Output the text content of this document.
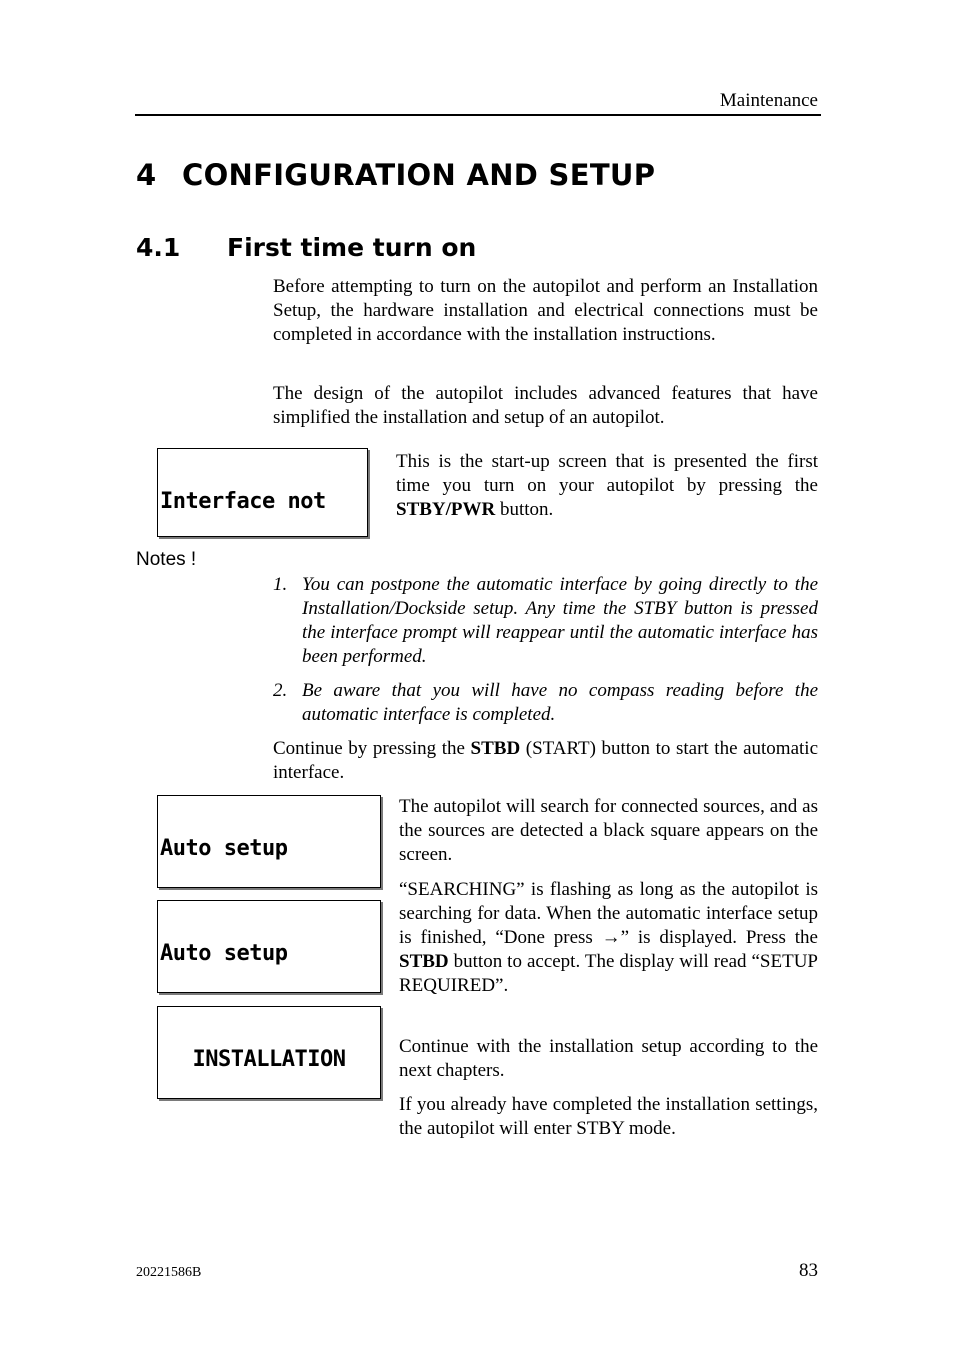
Maintenance
4 CONFIGURATION AND SETUP
4.1 First time turn on

Before attempting to turn on the autopilot and perform an Installation Setup, the hardware installation and electrical connections must be completed in accordance with the installation instructions.

The design of the autopilot includes advanced features that have simplified the installation and setup of an autopilot.

Interface not

This is the start-up screen that is presented the first time you turn on your autopilot by pressing the STBY/PWR button.

Notes !
1. You can postpone the automatic interface by going directly to the Installation/Dockside setup. Any time the STBY button is pressed the interface prompt will reappear until the automatic interface has been performed.
2. Be aware that you will have no compass reading before the automatic interface is completed.

Continue by pressing the STBD (START) button to start the automatic interface.

Auto setup

Auto setup

INSTALLATION

The autopilot will search for connected sources, and as the sources are detected a black square appears on the screen.

“SEARCHING” is flashing as long as the autopilot is searching for data. When the automatic interface setup is finished, “Done press →” is displayed. Press the STBD button to accept. The display will read “SETUP REQUIRED”.

Continue with the installation setup according to the next chapters.

If you already have completed the installation settings, the autopilot will enter STBY mode.

20221586B	83
